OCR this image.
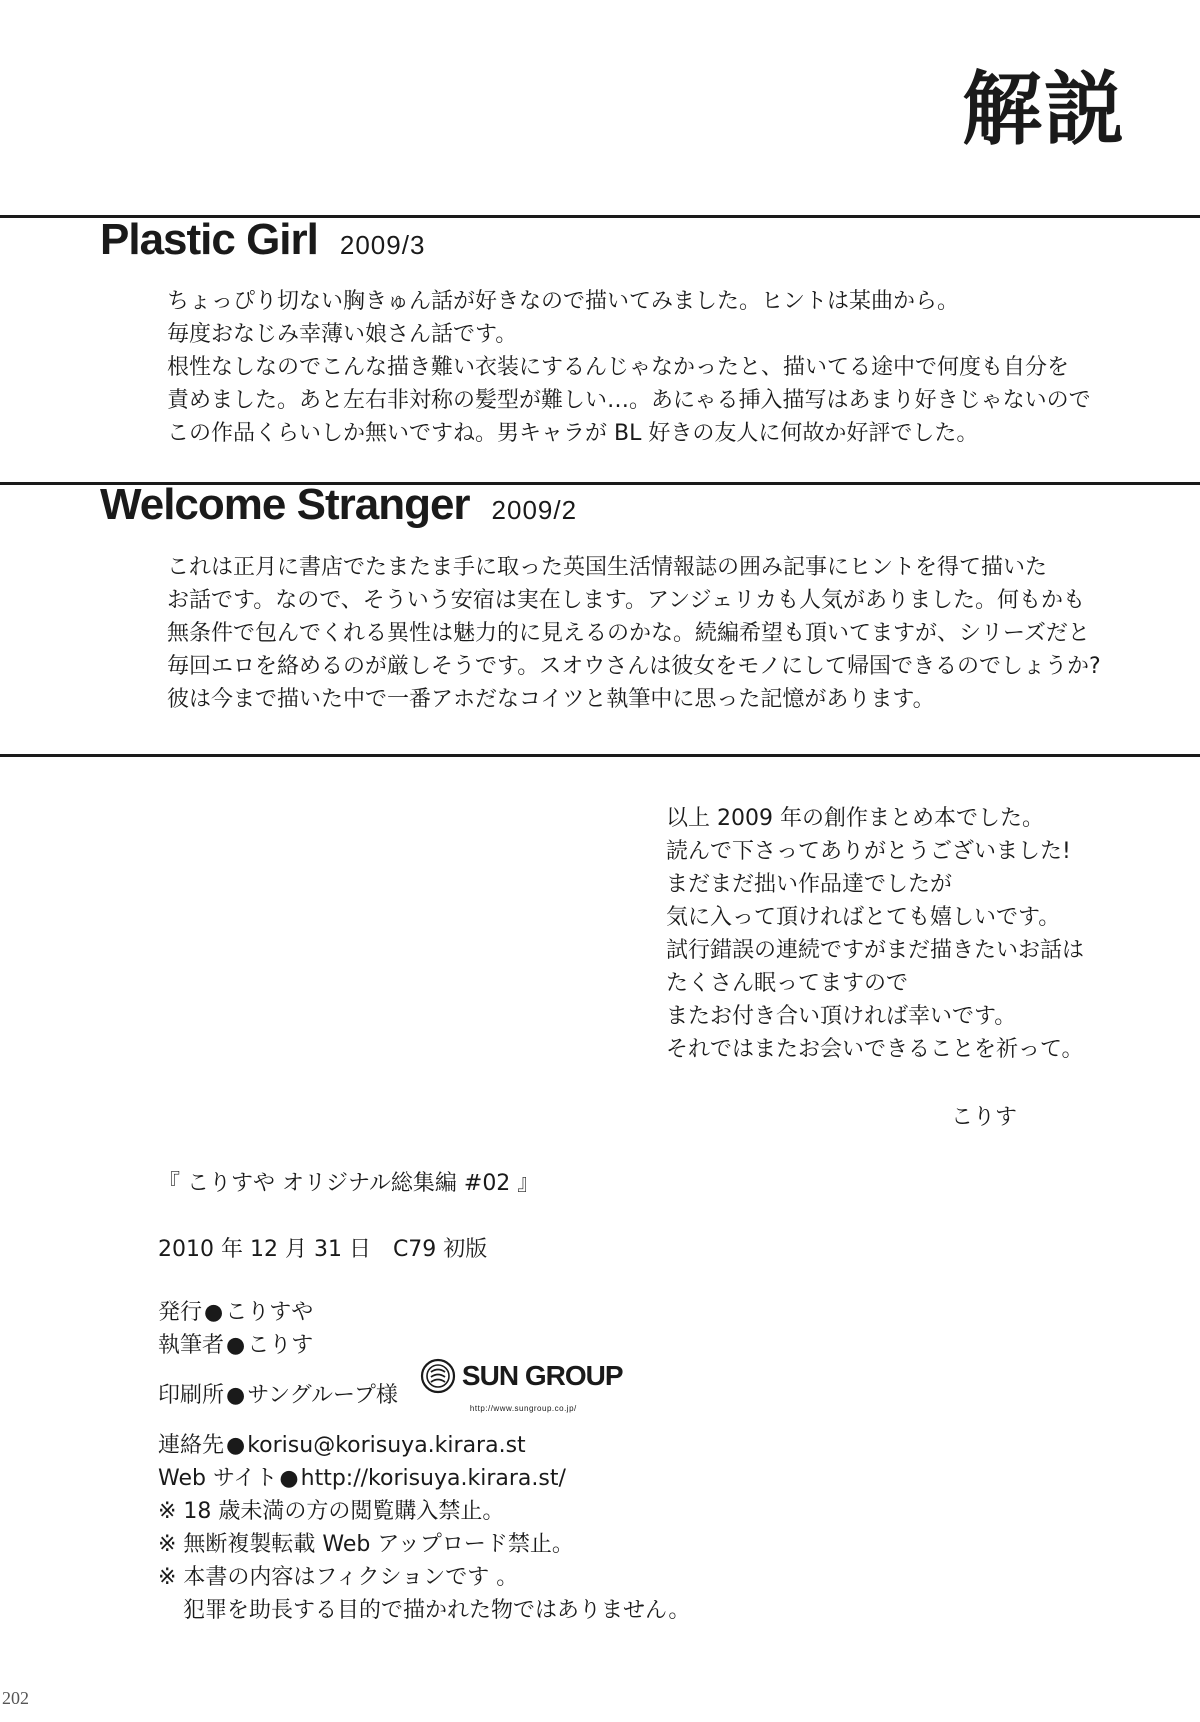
解説
Plastic Girl 2009/3

ちょっぴり切ない胸きゅん話が好きなので描いてみました。ヒントは某曲から。

毎度おなじみ幸薄い娘さん話です。

根性なしなのでこんな描き難い衣装にするんじゃなかったと、描いてる途中で何度も自分を

責めました。あと左右非対称の髪型が難しい…。あにゃる挿入描写はあまり好きじゃないので

この作品くらいしか無いですね。男キャラが BL 好きの友人に何故か好評でした。

Welcome Stranger 2009/2

これは正月に書店でたまたま手に取った英国生活情報誌の囲み記事にヒントを得て描いた

お話です。なので、そういう安宿は実在します。アンジェリカも人気がありました。何もかも

無条件で包んでくれる異性は魅力的に見えるのかな。続編希望も頂いてますが、シリーズだと

毎回エロを絡めるのが厳しそうです。スオウさんは彼女をモノにして帰国できるのでしょうか?

彼は今まで描いた中で一番アホだなコイツと執筆中に思った記憶があります。

以上 2009 年の創作まとめ本でした。

読んで下さってありがとうございました!

まだまだ拙い作品達でしたが

気に入って頂ければとても嬉しいです。

試行錯誤の連続ですがまだ描きたいお話は

たくさん眠ってますので

またお付き合い頂ければ幸いです。

それではまたお会いできることを祈って。

こりす
『 こりすや オリジナル総集編 #02 』
2010 年 12 月 31 日　C79 初版
発行 ● こりすや
執筆者 ● こりす
印刷所 ● サングループ様
SUN GROUP
http://www.sungroup.co.jp/
連絡先 ● korisu@korisuya.kirara.st
Web サイト ● http://korisuya.kirara.st/

※ 18 歳未満の方の閲覧購入禁止。

※ 無断複製転載 Web アップロード禁止。

※ 本書の内容はフィクションです 。

犯罪を助長する目的で描かれた物ではありません。

202
